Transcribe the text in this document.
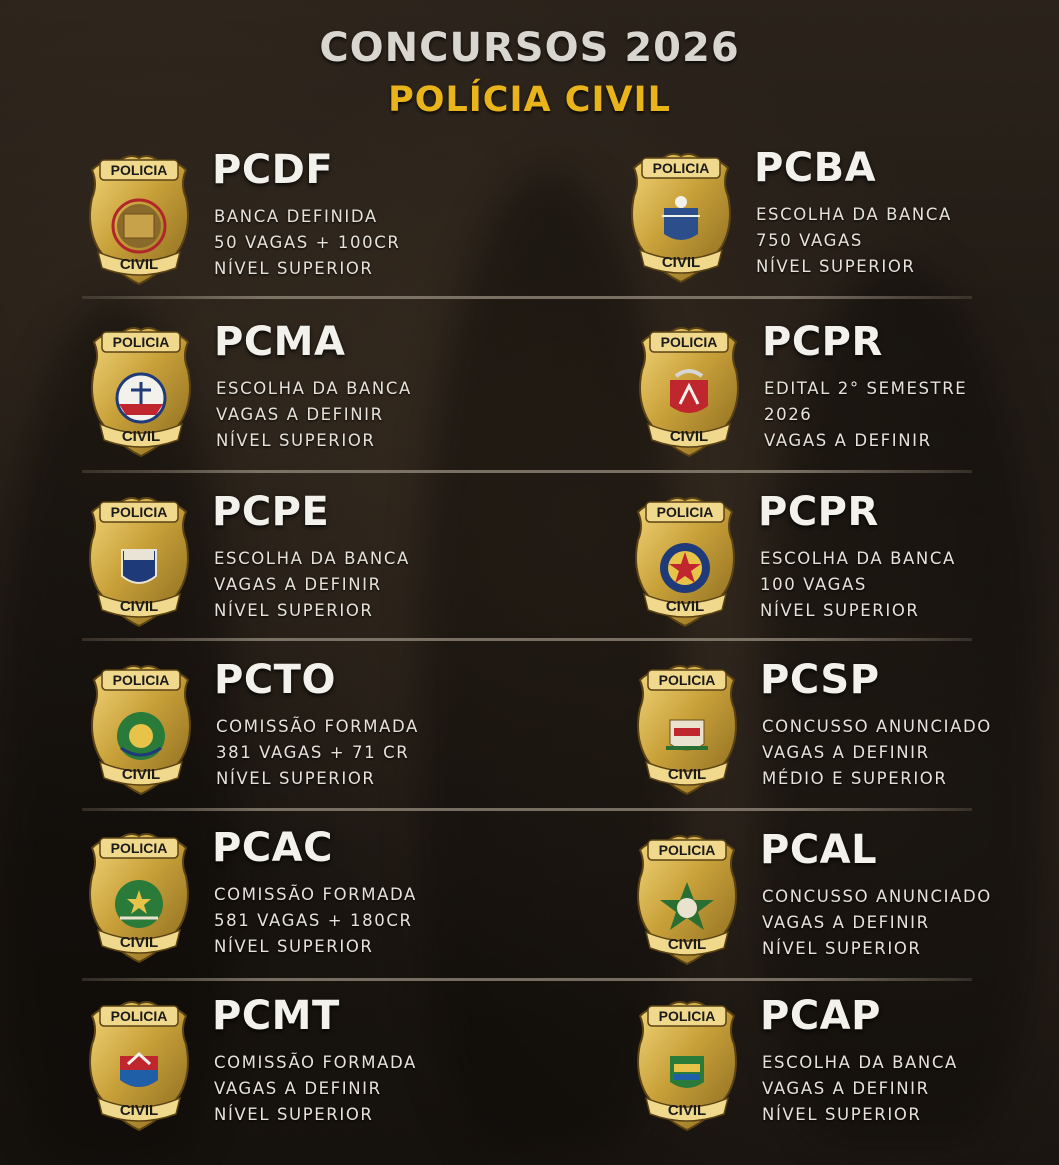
CONCURSOS 2026
POLÍCIA CIVIL
POLICIA
CIVIL
PCDF
BANCA DEFINIDA
50 VAGAS + 100CR
NÍVEL SUPERIOR
POLICIA
CIVIL
PCBA
ESCOLHA DA BANCA
750 VAGAS
NÍVEL SUPERIOR
POLICIA
CIVIL
PCMA
ESCOLHA DA BANCA
VAGAS A DEFINIR
NÍVEL SUPERIOR
POLICIA
CIVIL
PCPR
EDITAL 2° SEMESTRE
2026
VAGAS A DEFINIR
POLICIA
CIVIL
PCPE
ESCOLHA DA BANCA
VAGAS A DEFINIR
NÍVEL SUPERIOR
POLICIA
CIVIL
PCPR
ESCOLHA DA BANCA
100 VAGAS
NÍVEL SUPERIOR
POLICIA
CIVIL
PCTO
COMISSÃO FORMADA
381 VAGAS + 71 CR
NÍVEL SUPERIOR
POLICIA
CIVIL
PCSP
CONCUSSO ANUNCIADO
VAGAS A DEFINIR
MÉDIO E SUPERIOR
POLICIA
CIVIL
PCAC
COMISSÃO FORMADA
581 VAGAS + 180CR
NÍVEL SUPERIOR
POLICIA
CIVIL
PCAL
CONCUSSO ANUNCIADO
VAGAS A DEFINIR
NÍVEL SUPERIOR
POLICIA
CIVIL
PCMT
COMISSÃO FORMADA
VAGAS A DEFINIR
NÍVEL SUPERIOR
POLICIA
CIVIL
PCAP
ESCOLHA DA BANCA
VAGAS A DEFINIR
NÍVEL SUPERIOR
